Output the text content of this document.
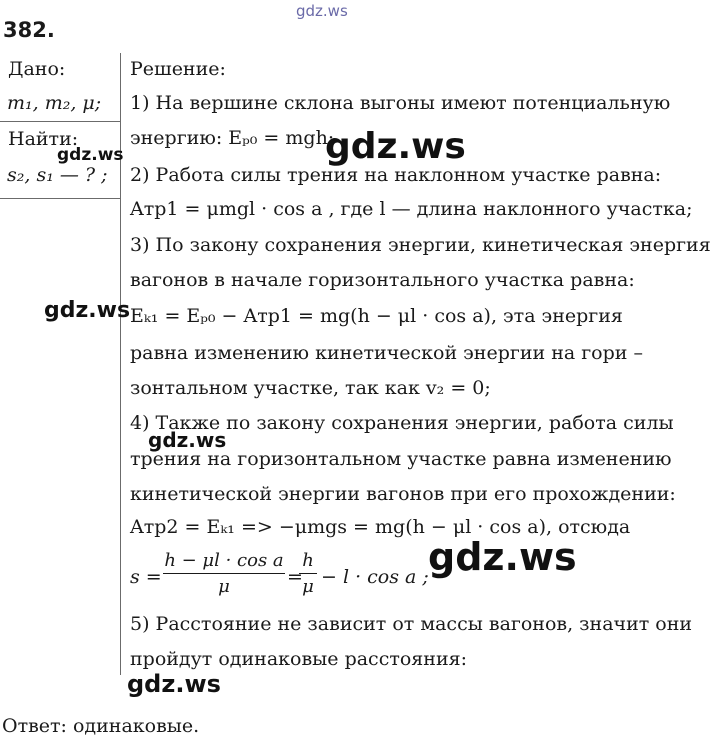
gdz.ws
382.
Дано:
m₁, m₂, μ;
Найти:
s₂, s₁ — ? ;
Решение:
1) На вершине склона выгоны имеют потенциальную
энергию: Eₚ₀ = mgh;
2) Работа силы трения на наклонном участке равна:
Aтр1 = μmgl · cos a , где l — длина наклонного участка;
3) По закону сохранения энергии, кинетическая энергия
вагонов в начале горизонтального участка равна:
Eₖ₁ = Eₚ₀ − Aтр1 = mg(h − μl · cos a), эта энергия
равна изменению кинетической энергии на гори –
зонтальном участке, так как v₂ = 0;
4) Также по закону сохранения энергии, работа силы
трения на горизонтальном участке равна изменению
кинетической энергии вагонов при его прохождении:
Aтр2 = Eₖ₁ => −μmgs = mg(h − μl · cos a), отсюда
s =
h − μl · cos a
μ	=
h
μ − l · cos a ;
5) Расстояние не зависит от массы вагонов, значит они
пройдут одинаковые расстояния:
Ответ: одинаковые.
gdz.ws
gdz.ws
gdz.ws
gdz.ws
gdz.ws
gdz.ws
